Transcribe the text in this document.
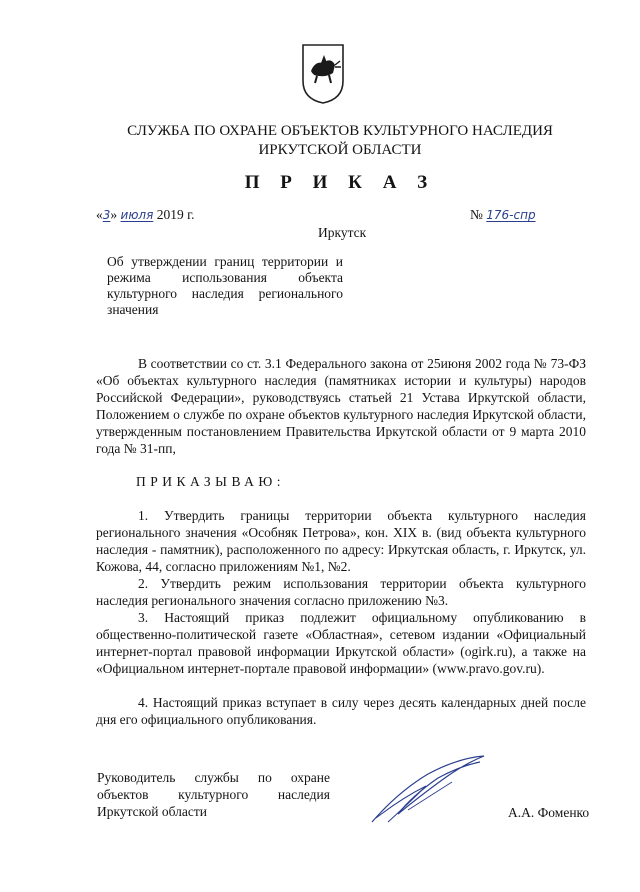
СЛУЖБА ПО ОХРАНЕ ОБЪЕКТОВ КУЛЬТУРНОГО НАСЛЕДИЯ
ИРКУТСКОЙ ОБЛАСТИ
П Р И К А З
«3» июля 2019 г.	№ 176-спр
Иркутск
Об утверждении границ территории и режима использования объекта культурного наследия регионального значения
В соответствии со ст. 3.1 Федерального закона от 25июня 2002 года № 73-ФЗ «Об объектах культурного наследия (памятниках истории и культуры) народов Российской Федерации», руководствуясь статьей 21 Устава Иркутской области, Положением о службе по охране объектов культурного наследия Иркутской области, утвержденным постановлением Правительства Иркутской области от 9 марта 2010 года № 31-пп,
ПРИКАЗЫВАЮ:
1. Утвердить границы территории объекта культурного наследия регионального значения «Особняк Петрова», кон. XIX в. (вид объекта культурного наследия - памятник), расположенного по адресу: Иркутская область, г. Иркутск, ул. Кожова, 44, согласно приложениям №1, №2.
2. Утвердить режим использования территории объекта культурного наследия регионального значения согласно приложению №3.
3. Настоящий приказ подлежит официальному опубликованию в общественно-политической газете «Областная», сетевом издании «Официальный интернет-портал правовой информации Иркутской области» (ogirk.ru), а также на «Официальном интернет-портале правовой информации» (www.pravo.gov.ru).
4. Настоящий приказ вступает в силу через десять календарных дней после дня его официального опубликования.
Руководитель службы по охране объектов культурного наследия Иркутской области	А.А. Фоменко
